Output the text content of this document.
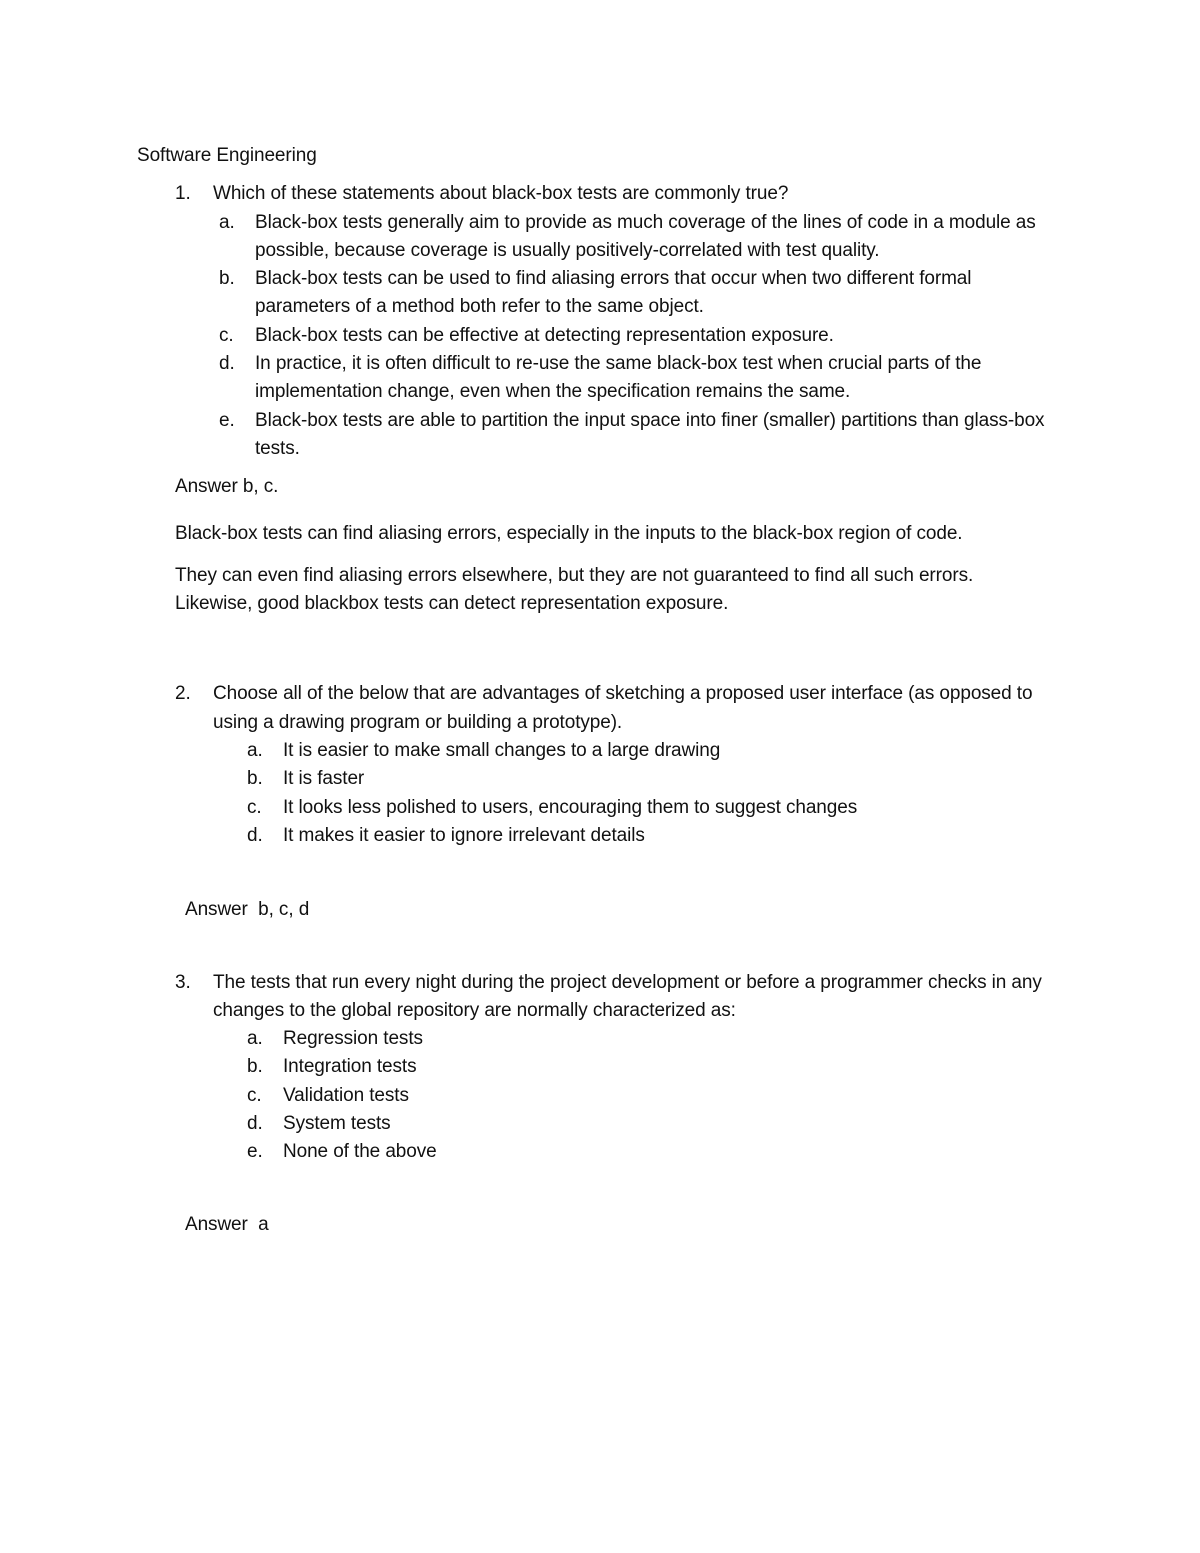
Software Engineering

1. Which of these statements about black-box tests are commonly true?
a. Black-box tests generally aim to provide as much coverage of the lines of code in a module as possible, because coverage is usually positively-correlated with test quality.
b. Black-box tests can be used to find aliasing errors that occur when two different formal parameters of a method both refer to the same object.
c. Black-box tests can be effective at detecting representation exposure.
d. In practice, it is often difficult to re-use the same black-box test when crucial parts of the implementation change, even when the specification remains the same.
e. Black-box tests are able to partition the input space into finer (smaller) partitions than glass-box tests.

Answer b, c.

Black-box tests can find aliasing errors, especially in the inputs to the black-box region of code.

They can even find aliasing errors elsewhere, but they are not guaranteed to find all such errors. Likewise, good blackbox tests can detect representation exposure.

2. Choose all of the below that are advantages of sketching a proposed user interface (as opposed to using a drawing program or building a prototype).
a. It is easier to make small changes to a large drawing
b. It is faster
c. It looks less polished to users, encouraging them to suggest changes
d. It makes it easier to ignore irrelevant details

Answer  b, c, d

3. The tests that run every night during the project development or before a programmer checks in any changes to the global repository are normally characterized as:
a. Regression tests
b. Integration tests
c. Validation tests
d. System tests
e. None of the above

Answer  a
